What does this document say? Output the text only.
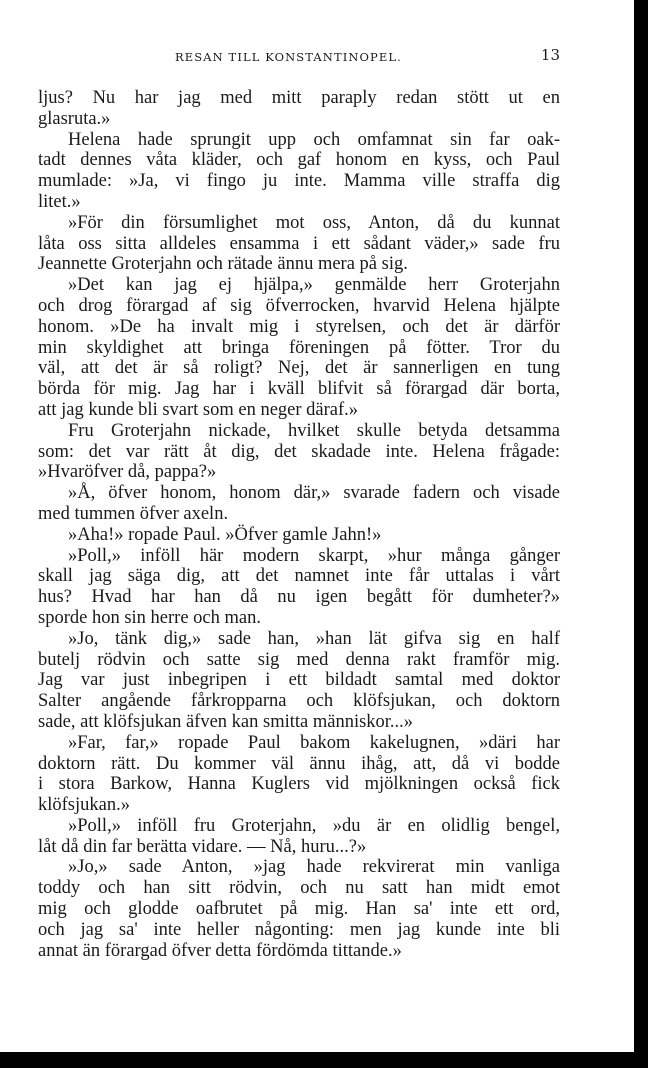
RESAN TILL KONSTANTINOPEL.	13
ljus? Nu har jag med mitt paraply redan stött ut en
glasruta.»
Helena hade sprungit upp och omfamnat sin far oak-
tadt dennes våta kläder, och gaf honom en kyss, och Paul
mumlade: »Ja, vi fingo ju inte. Mamma ville straffa dig
litet.»
»För din försumlighet mot oss, Anton, då du kunnat
låta oss sitta alldeles ensamma i ett sådant väder,» sade fru
Jeannette Groterjahn och rätade ännu mera på sig.
»Det kan jag ej hjälpa,» genmälde herr Groterjahn
och drog förargad af sig öfverrocken, hvarvid Helena hjälpte
honom. »De ha invalt mig i styrelsen, och det är därför
min skyldighet att bringa föreningen på fötter. Tror du
väl, att det är så roligt? Nej, det är sannerligen en tung
börda för mig. Jag har i kväll blifvit så förargad där borta,
att jag kunde bli svart som en neger däraf.»
Fru Groterjahn nickade, hvilket skulle betyda detsamma
som: det var rätt åt dig, det skadade inte. Helena frågade:
»Hvaröfver då, pappa?»
»Å, öfver honom, honom där,» svarade fadern och visade
med tummen öfver axeln.
»Aha!» ropade Paul. »Öfver gamle Jahn!»
»Poll,» inföll här modern skarpt, »hur många gånger
skall jag säga dig, att det namnet inte får uttalas i vårt
hus? Hvad har han då nu igen begått för dumheter?»
sporde hon sin herre och man.
»Jo, tänk dig,» sade han, »han lät gifva sig en half
butelj rödvin och satte sig med denna rakt framför mig.
Jag var just inbegripen i ett bildadt samtal med doktor
Salter angående fårkropparna och klöfsjukan, och doktorn
sade, att klöfsjukan äfven kan smitta människor...»
»Far, far,» ropade Paul bakom kakelugnen, »däri har
doktorn rätt. Du kommer väl ännu ihåg, att, då vi bodde
i stora Barkow, Hanna Kuglers vid mjölkningen också fick
klöfsjukan.»
»Poll,» inföll fru Groterjahn, »du är en olidlig bengel,
låt då din far berätta vidare. — Nå, huru...?»
»Jo,» sade Anton, »jag hade rekvirerat min vanliga
toddy och han sitt rödvin, och nu satt han midt emot
mig och glodde oafbrutet på mig. Han sa' inte ett ord,
och jag sa' inte heller någonting: men jag kunde inte bli
annat än förargad öfver detta fördömda tittande.»
